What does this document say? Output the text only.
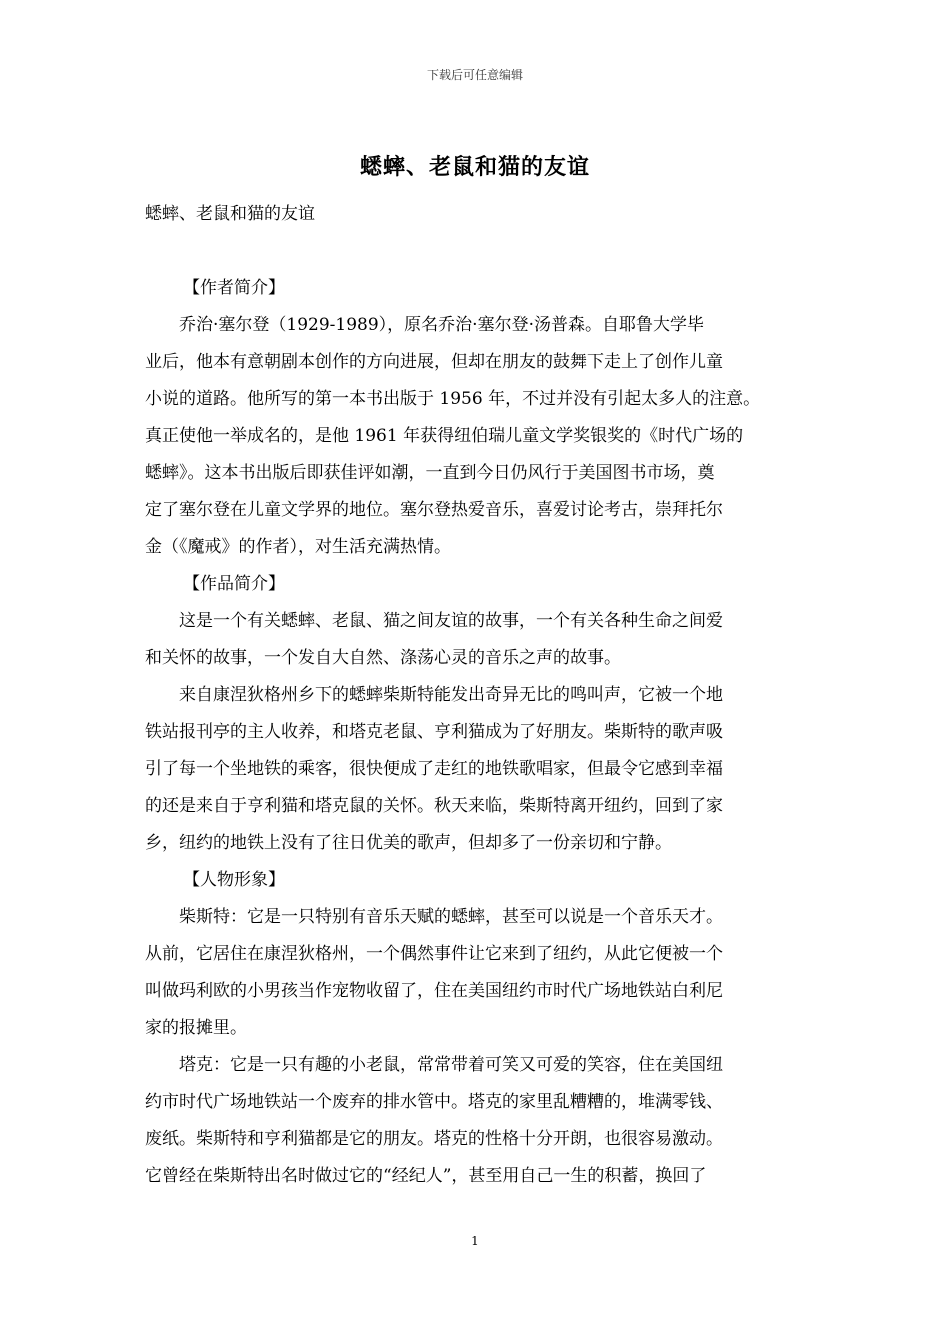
下载后可任意编辑
蟋蟀、老鼠和猫的友谊
蟋蟀、老鼠和猫的友谊

【作者简介】

　　乔治·塞尔登（1929-1989），原名乔治·塞尔登·汤普森。自耶鲁大学毕
业后，他本有意朝剧本创作的方向进展，但却在朋友的鼓舞下走上了创作儿童
小说的道路。他所写的第一本书出版于 1956 年，不过并没有引起太多人的注意。
真正使他一举成名的，是他 1961 年获得纽伯瑞儿童文学奖银奖的《时代广场的
蟋蟀》。这本书出版后即获佳评如潮，一直到今日仍风行于美国图书市场，奠
定了塞尔登在儿童文学界的地位。塞尔登热爱音乐，喜爱讨论考古，崇拜托尔
金（《魔戒》的作者），对生活充满热情。

【作品简介】

　　这是一个有关蟋蟀、老鼠、猫之间友谊的故事，一个有关各种生命之间爱
和关怀的故事，一个发自大自然、涤荡心灵的音乐之声的故事。

　　来自康涅狄格州乡下的蟋蟀柴斯特能发出奇异无比的鸣叫声，它被一个地
铁站报刊亭的主人收养，和塔克老鼠、亨利猫成为了好朋友。柴斯特的歌声吸
引了每一个坐地铁的乘客，很快便成了走红的地铁歌唱家，但最令它感到幸福
的还是来自于亨利猫和塔克鼠的关怀。秋天来临，柴斯特离开纽约，回到了家
乡，纽约的地铁上没有了往日优美的歌声，但却多了一份亲切和宁静。

【人物形象】

　　柴斯特：它是一只特别有音乐天赋的蟋蟀，甚至可以说是一个音乐天才。
从前，它居住在康涅狄格州，一个偶然事件让它来到了纽约，从此它便被一个
叫做玛利欧的小男孩当作宠物收留了，住在美国纽约市时代广场地铁站白利尼
家的报摊里。

　　塔克：它是一只有趣的小老鼠，常常带着可笑又可爱的笑容，住在美国纽
约市时代广场地铁站一个废弃的排水管中。塔克的家里乱糟糟的，堆满零钱、
废纸。柴斯特和亨利猫都是它的朋友。塔克的性格十分开朗，也很容易激动。
它曾经在柴斯特出名时做过它的“经纪人”，甚至用自己一生的积蓄，换回了

1
